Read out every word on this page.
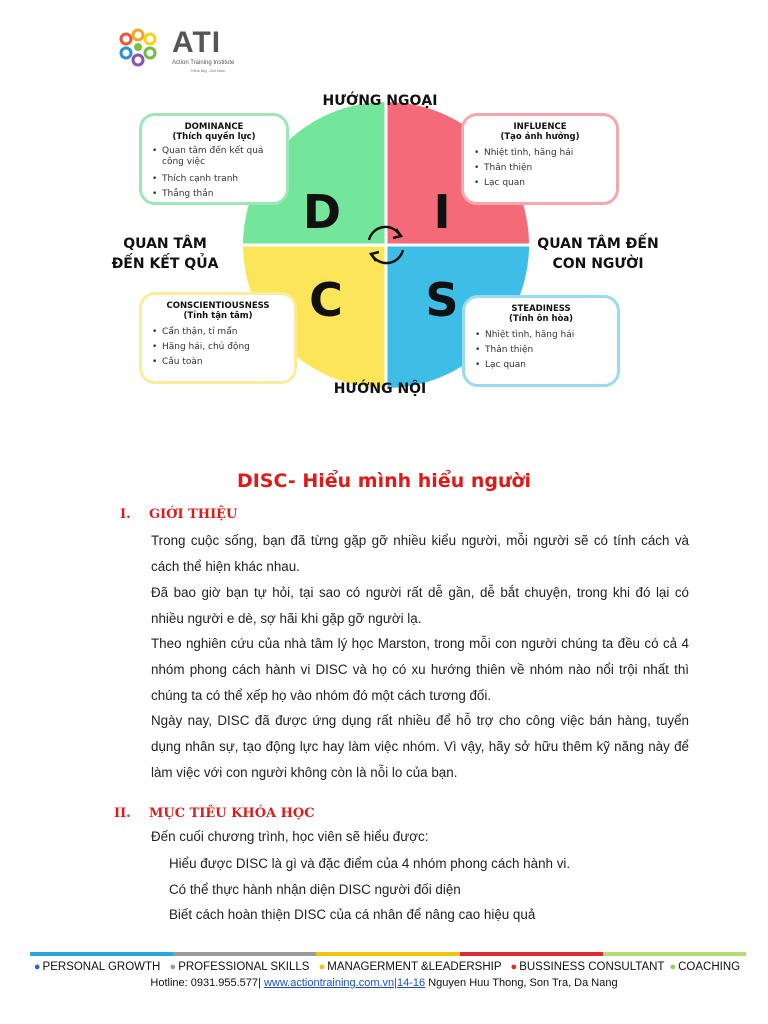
ATI
Action Training Institute
Think Big - Act Now
D I
C S
HƯỚNG NGOẠI
HƯỚNG NỘI
QUAN TÂM
ĐẾN KẾT QỦA
QUAN TÂM ĐẾN
CON NGƯỜI
DOMINANCE
(Thích quyền lực)
• Quan tâm đến kết quả công việc
• Thích cạnh tranh
• Thẳng thắn
INFLUENCE
(Tạo ảnh hưởng)
• Nhiệt tình, hăng hái
• Thân thiện
• Lạc quan
CONSCIENTIOUSNESS
(Tỉnh tận tâm)
• Cẩn thận, tỉ mẩn
• Hăng hái, chủ động
• Cầu toàn
STEADINESS
(Tính ôn hòa)
• Nhiệt tình, hăng hái
• Thân thiện
• Lạc quan
DISC- Hiểu mình hiểu người
I. GIỚI THIỆU
Trong cuộc sống, bạn đã từng gặp gỡ nhiều kiểu người, mỗi người sẽ có tính cách và cách thể hiện khác nhau.
Đã bao giờ bạn tự hỏi, tại sao có người rất dễ gần, dễ bắt chuyện, trong khi đó lại có nhiều người e dè, sợ hãi khi gặp gỡ người lạ.
Theo nghiên cứu của nhà tâm lý học Marston, trong mỗi con người chúng ta đều có cả 4 nhóm phong cách hành vi DISC và họ có xu hướng thiên về nhóm nào nổi trội nhất thì chúng ta có thể xếp họ vào nhóm đó một cách tương đối.
Ngày nay, DISC đã được ứng dụng rất nhiều để hỗ trợ cho công việc bán hàng, tuyển dụng nhân sự, tạo động lực hay làm việc nhóm. Vì vậy, hãy sở hữu thêm kỹ năng này để làm việc với con người không còn là nỗi lo của bạn.
II. MỤC TIÊU KHÓA HỌC
Đến cuối chương trình, học viên sẽ hiểu được:
Hiểu được DISC là gì và đặc điểm của 4 nhóm phong cách hành vi.
Có thể thực hành nhận diện DISC người đối diện
Biết cách hoàn thiện DISC của cá nhân để nâng cao hiệu quả
● PERSONAL GROWTH ● PROFESSIONAL SKILLS ● MANAGERMENT &LEADERSHIP ● BUSSINESS CONSULTANT ● COACHING
Hotline: 0931.955.577| www.actiontraining.com.vn|14-16 Nguyen Huu Thong, Son Tra, Da Nang
